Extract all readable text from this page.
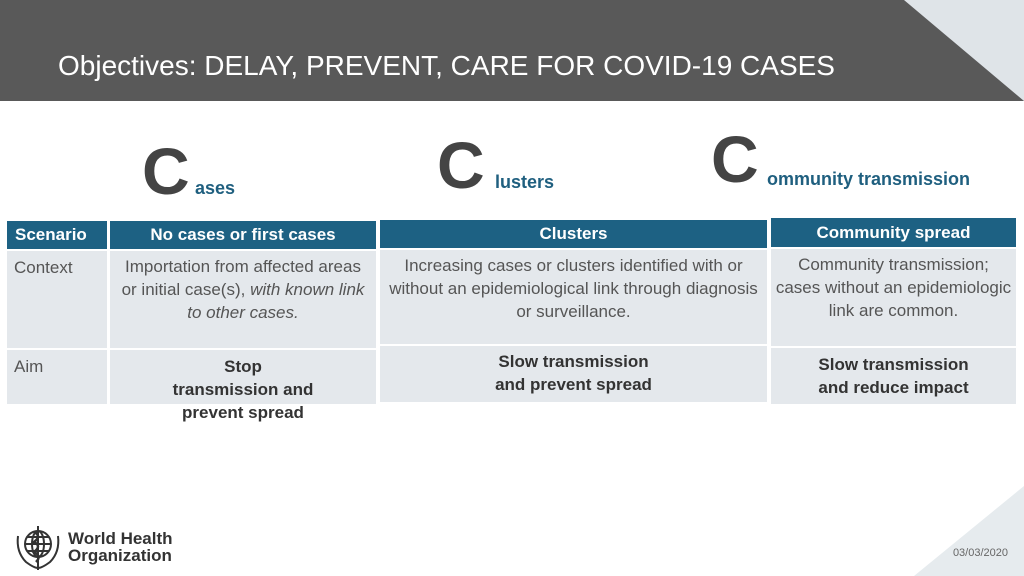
Objectives: DELAY, PREVENT, CARE FOR COVID-19 CASES
C ases	C lusters C ommunity transmission
Scenario
Context
Aim
No cases or first cases
Importation from affected areas or initial case(s), with known link to other cases.
Stop transmission and prevent spread
Clusters
Increasing cases or clusters identified with or without an epidemiological link through diagnosis or surveillance.
Slow transmission and prevent spread
Community spread
Community transmission; cases without an epidemiologic link are common.
Slow transmission and reduce impact
World Health
Organization	03/03/2020
